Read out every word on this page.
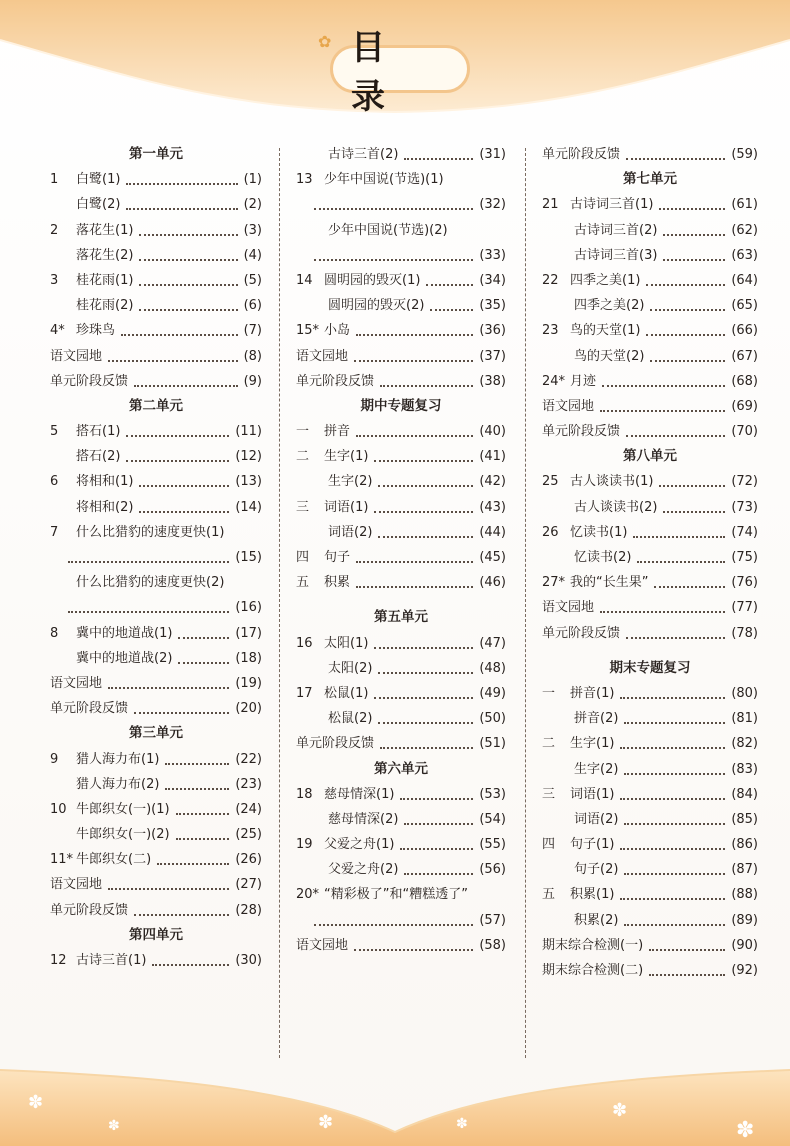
✿ 目 录
第一单元
1 白鹭(1)	(1)
白鹭(2)	(2)
2 落花生(1)	(3)
落花生(2)	(4)
3 桂花雨(1)	(5)
桂花雨(2)	(6)
4* 珍珠鸟	(7)
语文园地	(8)
单元阶段反馈	(9)
第二单元
5 搭石(1)	(11)
搭石(2)	(12)
6 将相和(1)	(13)
将相和(2)	(14)
7 什么比猎豹的速度更快(1)
(15)
什么比猎豹的速度更快(2)
(16)
8 冀中的地道战(1)	(17)
冀中的地道战(2)	(18)
语文园地	(19)
单元阶段反馈	(20)
第三单元
9 猎人海力布(1)	(22)
猎人海力布(2)	(23)
10 牛郎织女(一)(1)	(24)
牛郎织女(一)(2)	(25)
11* 牛郎织女(二)	(26)
语文园地	(27)
单元阶段反馈	(28)
第四单元
12 古诗三首(1)	(30)
古诗三首(2)	(31)
13 少年中国说(节选)(1)
(32)
少年中国说(节选)(2)
(33)
14 圆明园的毁灭(1)	(34)
圆明园的毁灭(2)	(35)
15* 小岛	(36)
语文园地	(37)
单元阶段反馈	(38)
期中专题复习
一 拼音	(40)
二 生字(1)	(41)
生字(2)	(42)
三 词语(1)	(43)
词语(2)	(44)
四 句子	(45)
五 积累	(46)
第五单元
16 太阳(1)	(47)
太阳(2)	(48)
17 松鼠(1)	(49)
松鼠(2)	(50)
单元阶段反馈	(51)
第六单元
18 慈母情深(1)	(53)
慈母情深(2)	(54)
19 父爱之舟(1)	(55)
父爱之舟(2)	(56)
20* “精彩极了”和“糟糕透了”
(57)
语文园地	(58)
单元阶段反馈	(59)
第七单元
21 古诗词三首(1)	(61)
古诗词三首(2)	(62)
古诗词三首(3)	(63)
22 四季之美(1)	(64)
四季之美(2)	(65)
23 鸟的天堂(1)	(66)
鸟的天堂(2)	(67)
24* 月迹	(68)
语文园地	(69)
单元阶段反馈	(70)
第八单元
25 古人谈读书(1)	(72)
古人谈读书(2)	(73)
26 忆读书(1)	(74)
忆读书(2)	(75)
27* 我的“长生果”	(76)
语文园地	(77)
单元阶段反馈	(78)
期末专题复习
一 拼音(1)	(80)
拼音(2)	(81)
二 生字(1)	(82)
生字(2)	(83)
三 词语(1)	(84)
词语(2)	(85)
四 句子(1)	(86)
句子(2)	(87)
五 积累(1)	(88)
积累(2)	(89)
期末综合检测(一)	(90)
期末综合检测(二)	(92)
✽
✽	✽	✽
✽
✽
